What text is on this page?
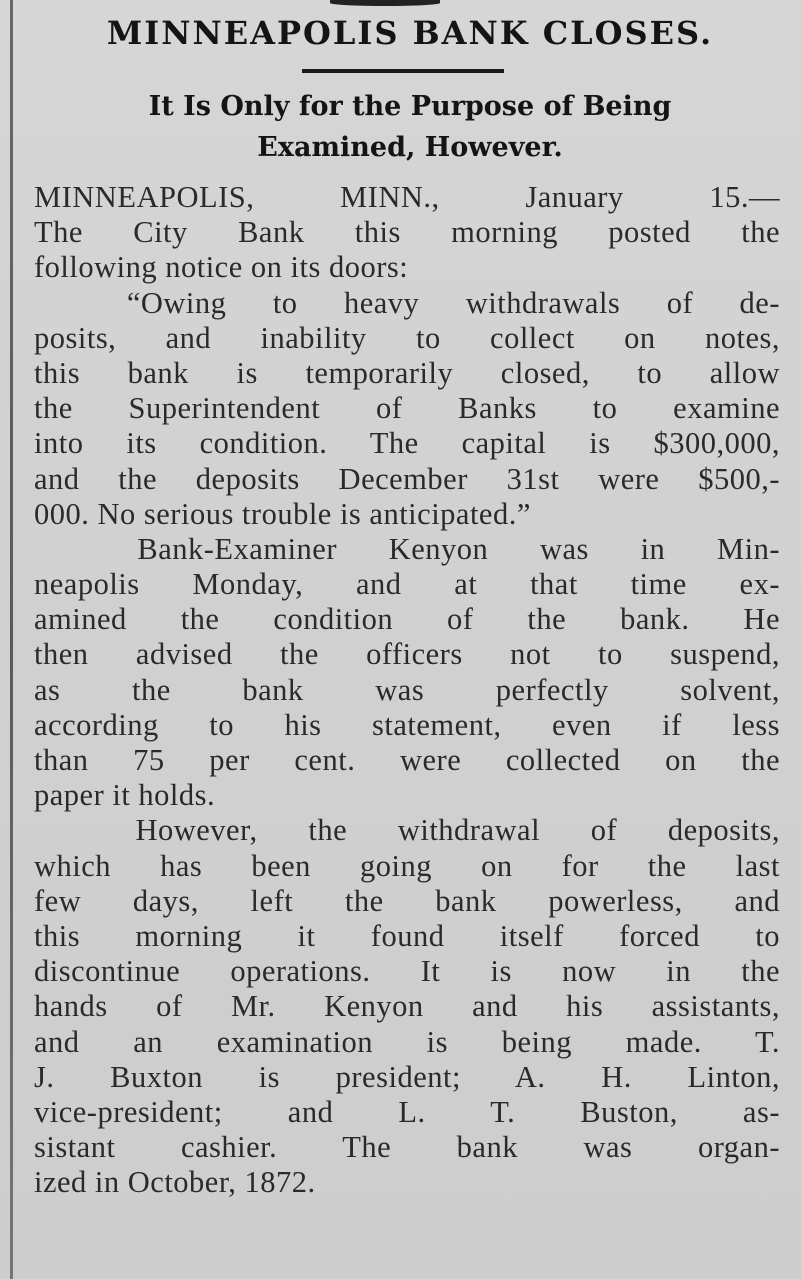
MINNEAPOLIS BANK CLOSES.
It Is Only for the Purpose of Being
Examined, However.
MINNEAPOLIS, MINN., January 15.—
The City Bank this morning posted the
following notice on its doors:
“Owing to heavy withdrawals of de-
posits, and inability to collect on notes,
this bank is temporarily closed, to allow
the Superintendent of Banks to examine
into its condition. The capital is $300,000,
and the deposits December 31st were $500,-
000. No serious trouble is anticipated.”
Bank-Examiner Kenyon was in Min-
neapolis Monday, and at that time ex-
amined the condition of the bank. He
then advised the officers not to suspend,
as the bank was perfectly solvent,
according to his statement, even if less
than 75 per cent. were collected on the
paper it holds.
However, the withdrawal of deposits,
which has been going on for the last
few days, left the bank powerless, and
this morning it found itself forced to
discontinue operations. It is now in the
hands of Mr. Kenyon and his assistants,
and an examination is being made. T.
J. Buxton is president; A. H. Linton,
vice-president; and L. T. Buston, as-
sistant cashier. The bank was organ-
ized in October, 1872.
